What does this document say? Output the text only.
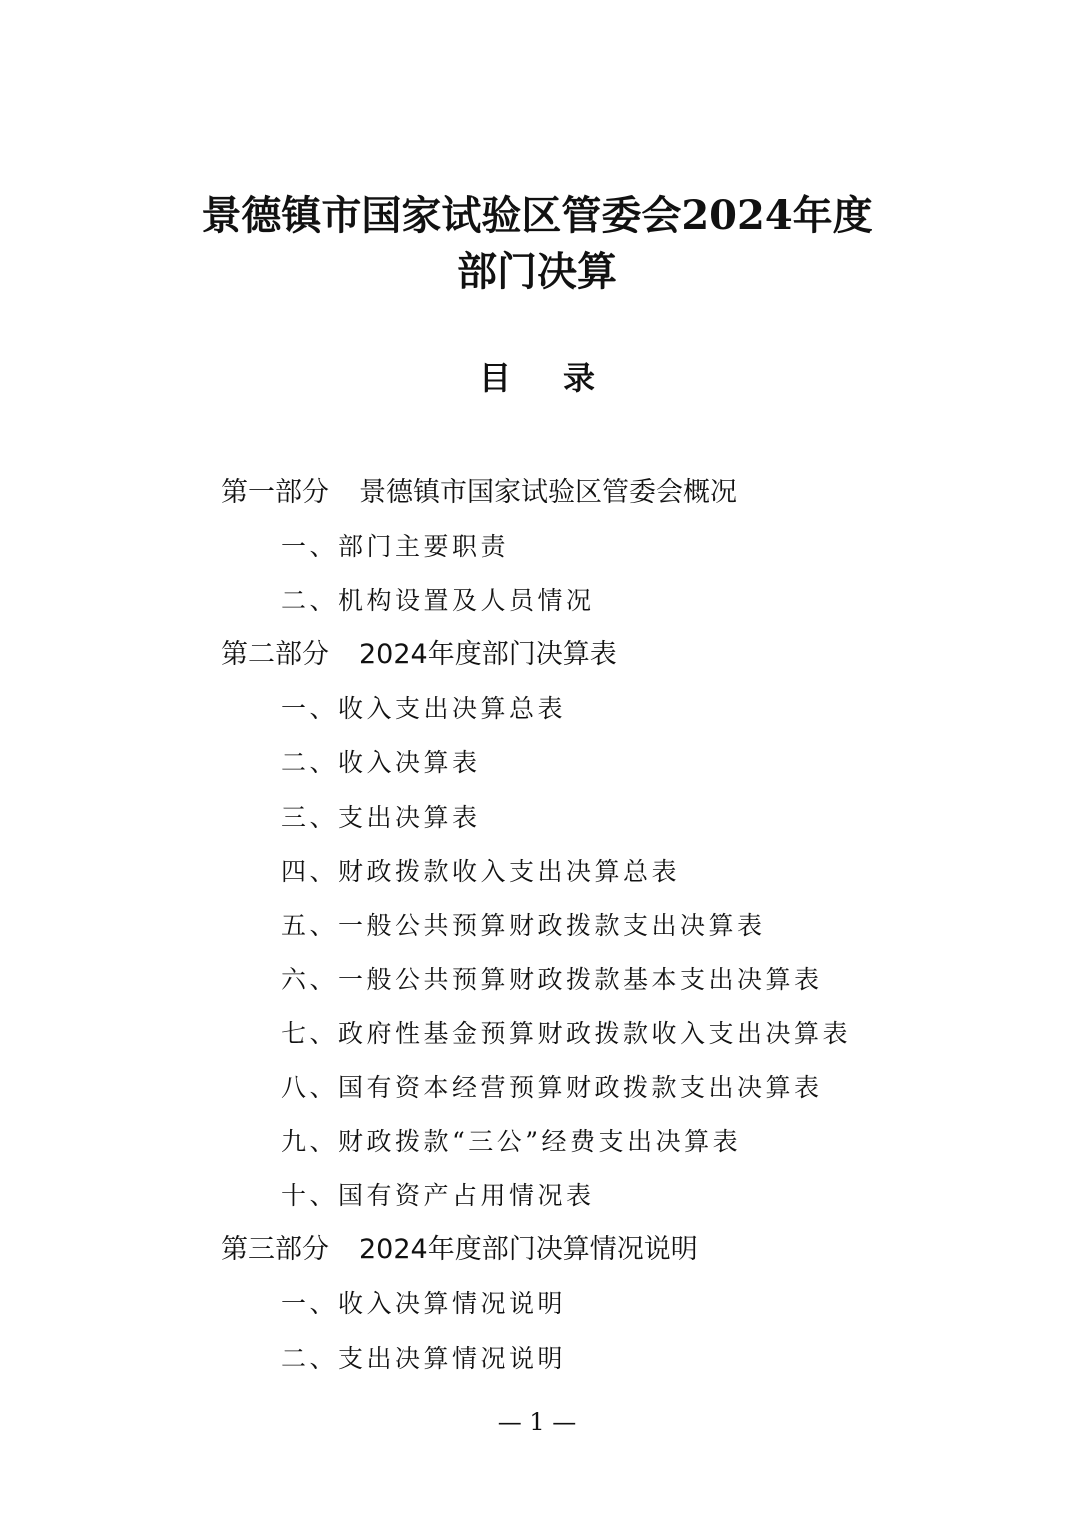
景德镇市国家试验区管委会2024年度
部门决算
目录
第一部分 景德镇市国家试验区管委会概况
一、部门主要职责
二、机构设置及人员情况
第二部分 2024年度部门决算表
一、收入支出决算总表
二、收入决算表
三、支出决算表
四、财政拨款收入支出决算总表
五、一般公共预算财政拨款支出决算表
六、一般公共预算财政拨款基本支出决算表
七、政府性基金预算财政拨款收入支出决算表
八、国有资本经营预算财政拨款支出决算表
九、财政拨款“三公”经费支出决算表
十、国有资产占用情况表
第三部分 2024年度部门决算情况说明
一、收入决算情况说明
二、支出决算情况说明
— 1 —
